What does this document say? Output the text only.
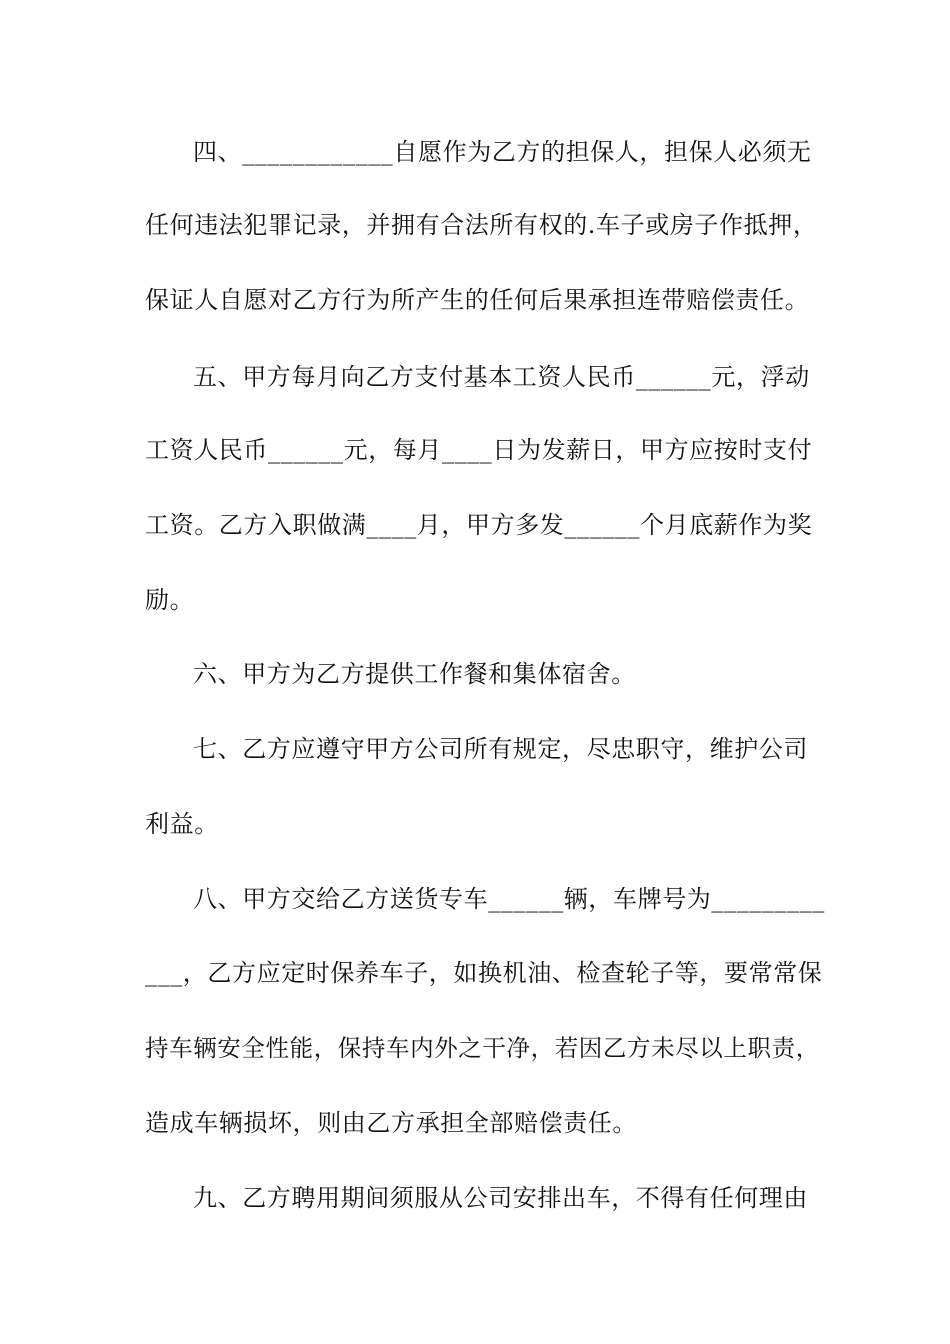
四、____________自愿作为乙方的担保人，担保人必须无
任何违法犯罪记录，并拥有合法所有权的.车子或房子作抵押，
保证人自愿对乙方行为所产生的任何后果承担连带赔偿责任。
五、甲方每月向乙方支付基本工资人民币______元，浮动
工资人民币______元，每月____日为发薪日，甲方应按时支付
工资。乙方入职做满____月，甲方多发______个月底薪作为奖
励。
六、甲方为乙方提供工作餐和集体宿舍。
七、乙方应遵守甲方公司所有规定，尽忠职守，维护公司
利益。
八、甲方交给乙方送货专车______辆，车牌号为_________
___，乙方应定时保养车子，如换机油、检查轮子等，要常常保
持车辆安全性能，保持车内外之干净，若因乙方未尽以上职责，
造成车辆损坏，则由乙方承担全部赔偿责任。
九、乙方聘用期间须服从公司安排出车，不得有任何理由
